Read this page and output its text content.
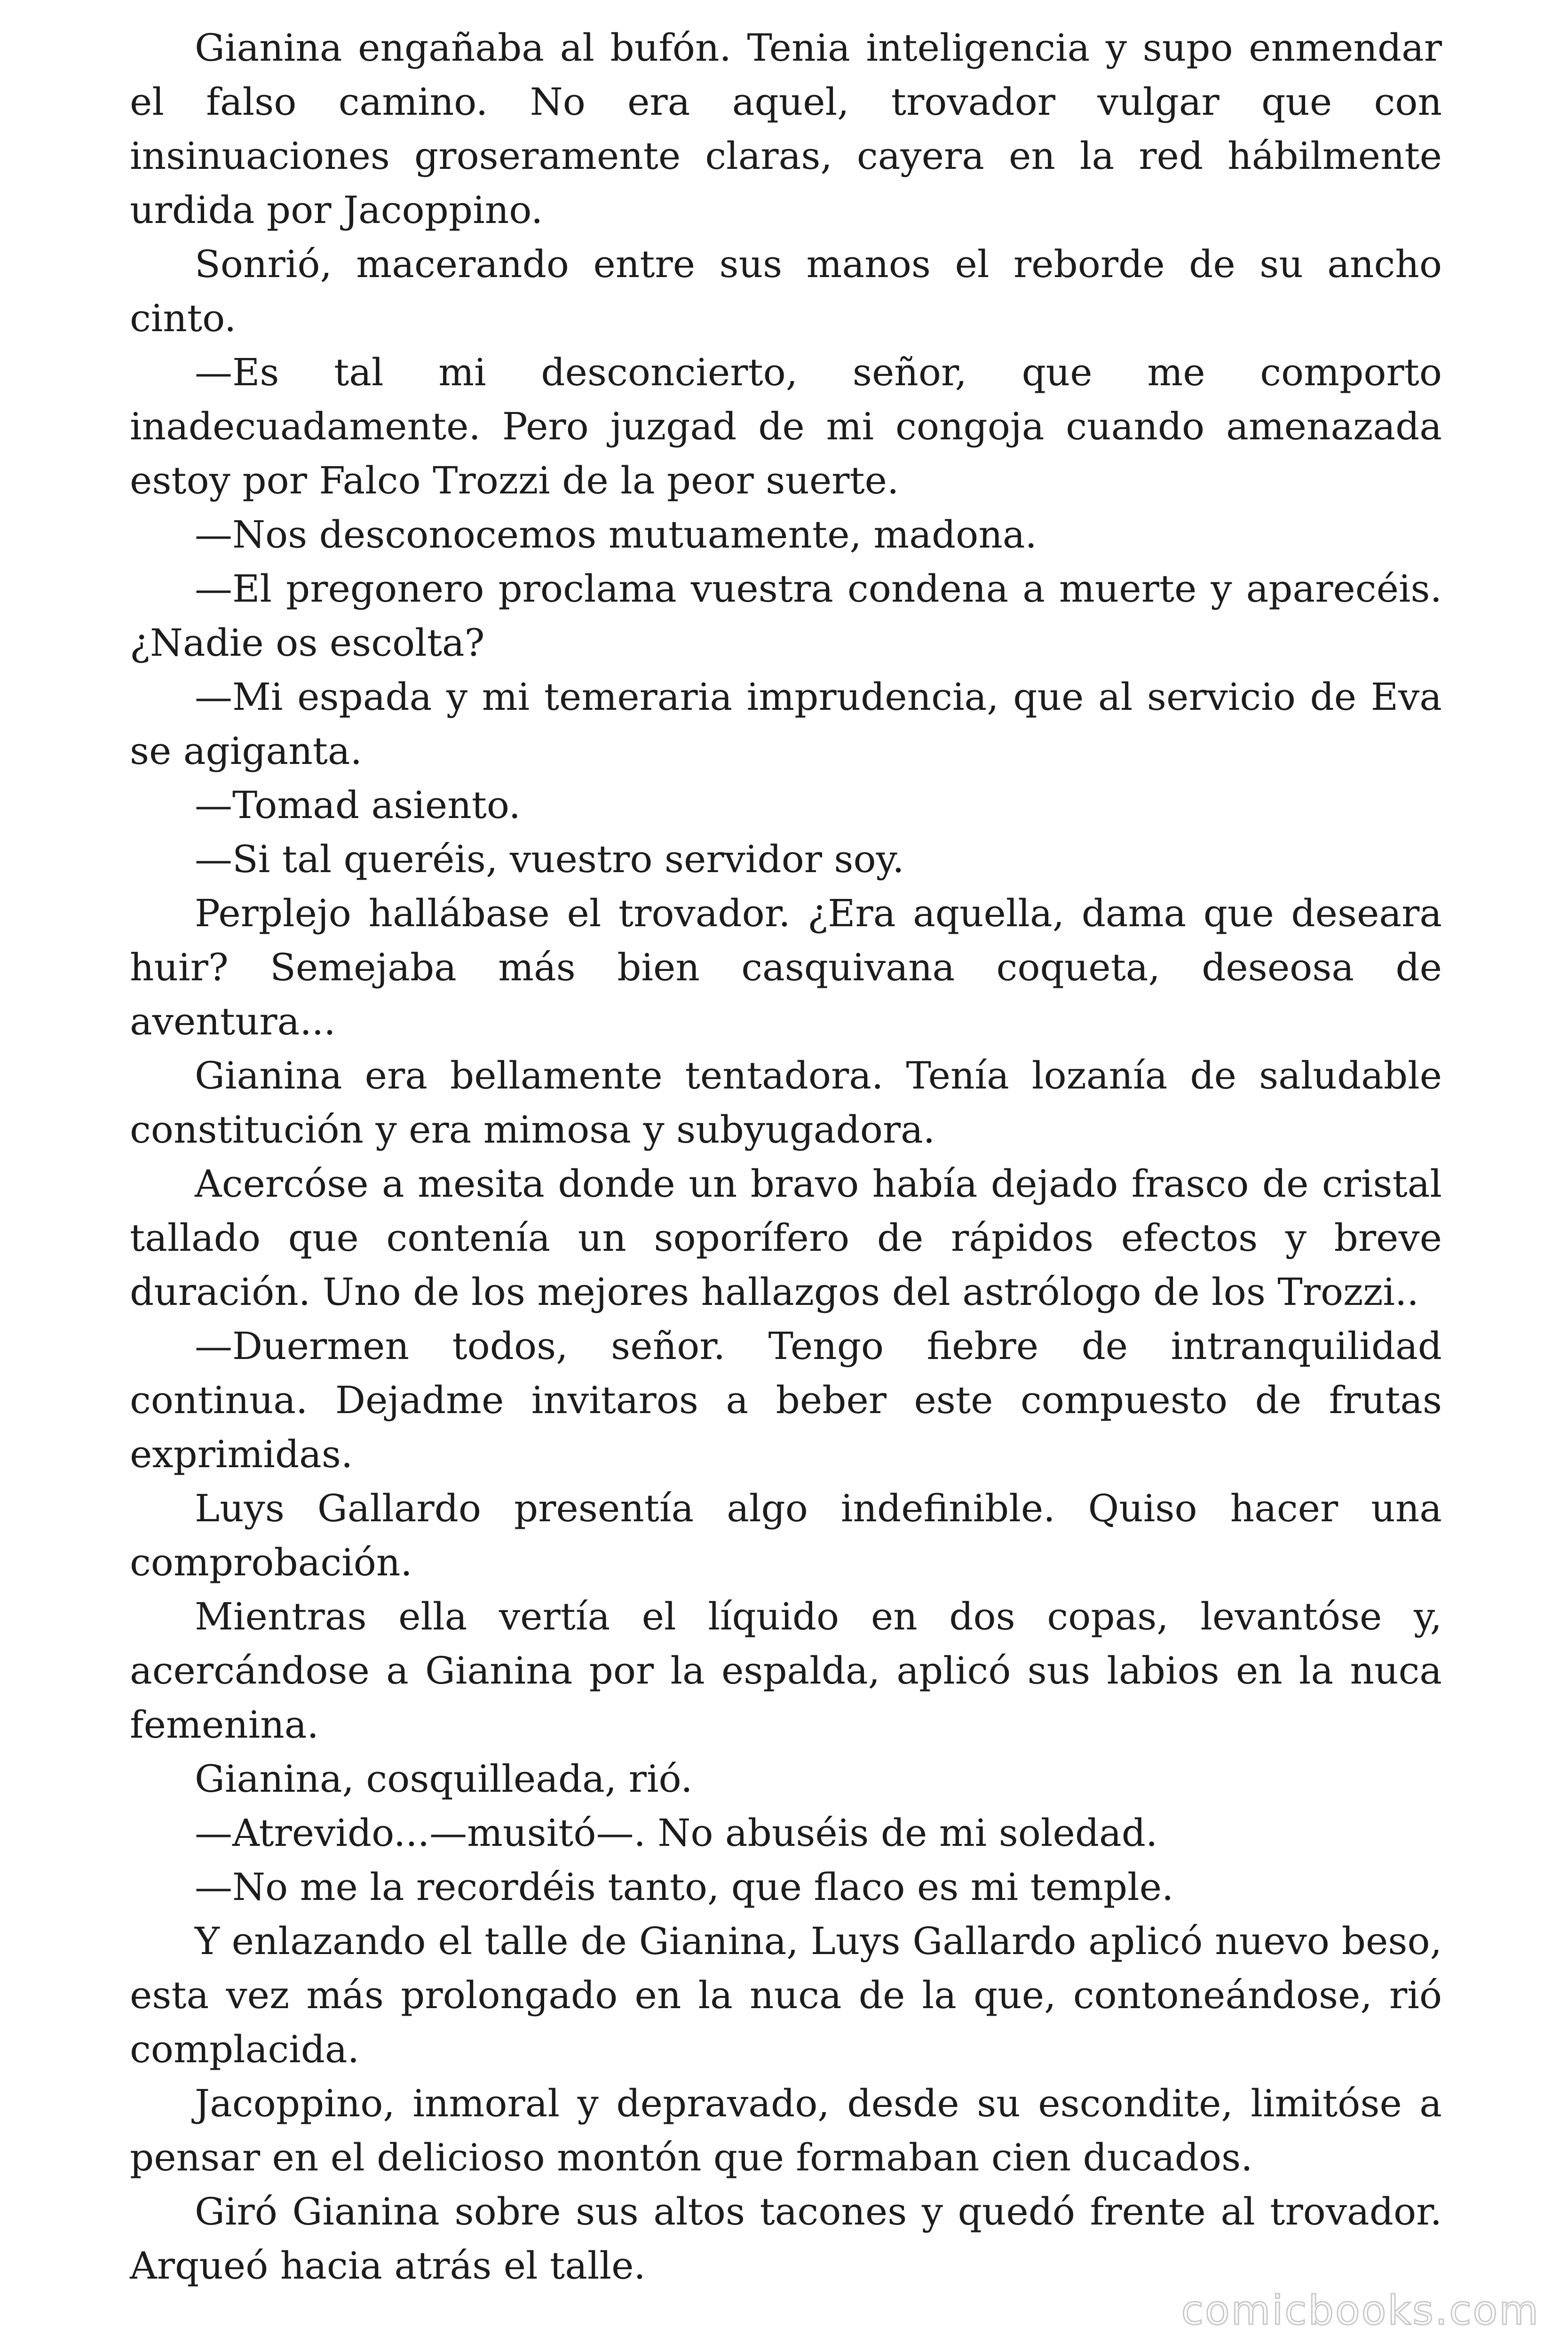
Gianina engañaba al bufón. Tenia inteligencia y supo enmendar el falso camino. No era aquel, trovador vulgar que con insinuaciones groseramente claras, cayera en la red hábilmente urdida por Jacoppino.

Sonrió, macerando entre sus manos el reborde de su ancho cinto.

—Es tal mi desconcierto, señor, que me comporto inadecuadamente. Pero juzgad de mi congoja cuando amenazada estoy por Falco Trozzi de la peor suerte.

—Nos desconocemos mutuamente, madona.

—El pregonero proclama vuestra condena a muerte y aparecéis. ¿Nadie os escolta?

—Mi espada y mi temeraria imprudencia, que al servicio de Eva se agiganta.

—Tomad asiento.

—Si tal queréis, vuestro servidor soy.

Perplejo hallábase el trovador. ¿Era aquella, dama que deseara huir? Semejaba más bien casquivana coqueta, deseosa de aventura...

Gianina era bellamente tentadora. Tenía lozanía de saludable constitución y era mimosa y subyugadora.

Acercóse a mesita donde un bravo había dejado frasco de cristal tallado que contenía un soporífero de rápidos efectos y breve duración. Uno de los mejores hallazgos del astrólogo de los Trozzi..

—Duermen todos, señor. Tengo fiebre de intranquilidad continua. Dejadme invitaros a beber este compuesto de frutas exprimidas.

Luys Gallardo presentía algo indefinible. Quiso hacer una comprobación.

Mientras ella vertía el líquido en dos copas, levantóse y, acercándose a Gianina por la espalda, aplicó sus labios en la nuca femenina.

Gianina, cosquilleada, rió.

—Atrevido...—musitó—. No abuséis de mi soledad.

—No me la recordéis tanto, que flaco es mi temple.

Y enlazando el talle de Gianina, Luys Gallardo aplicó nuevo beso, esta vez más prolongado en la nuca de la que, contoneándose, rió complacida.

Jacoppino, inmoral y depravado, desde su escondite, limitóse a pensar en el delicioso montón que formaban cien ducados.

Giró Gianina sobre sus altos tacones y quedó frente al trovador. Arqueó hacia atrás el talle.

comicbooks.com
